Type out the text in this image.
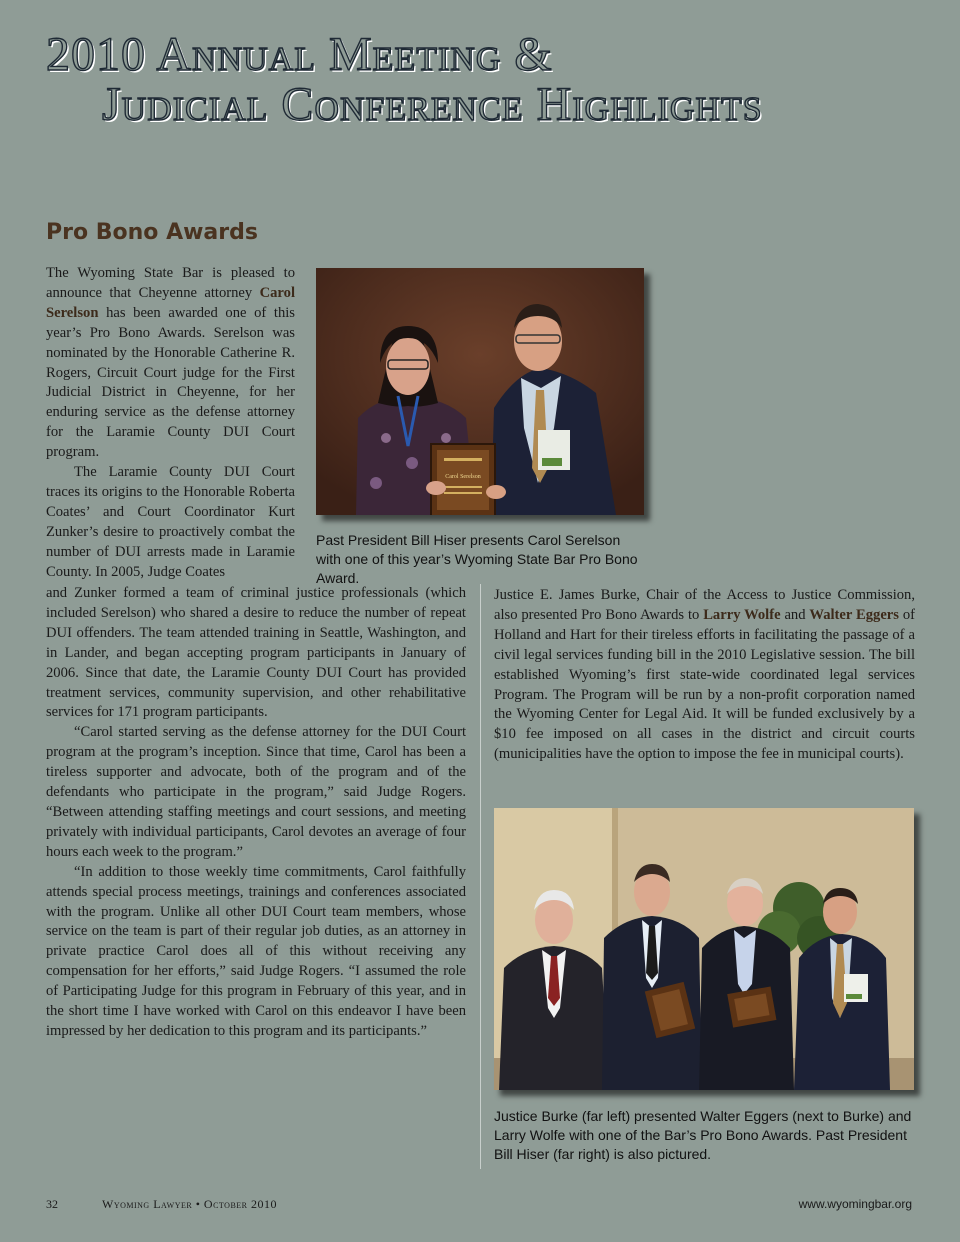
2010 Annual Meeting &
Judicial Conference Highlights
Pro Bono Awards

The Wyoming State Bar is pleased to announce that Cheyenne attorney Carol Serelson has been awarded one of this year’s Pro Bono Awards. Serelson was nominated by the Honorable Catherine R. Rogers, Circuit Court judge for the First Judicial District in Cheyenne, for her enduring service as the defense attorney for the Laramie County DUI Court program.

The Laramie County DUI Court traces its origins to the Honorable Roberta Coates’ and Court Coordinator Kurt Zunker’s desire to proactively combat the number of DUI arrests made in Laramie County. In 2005, Judge Coates

Carol Serelson
Past President Bill Hiser presents Carol Serelson with one of this year’s Wyoming State Bar Pro Bono Award.

and Zunker formed a team of criminal justice professionals (which included Serelson) who shared a desire to reduce the number of repeat DUI offenders. The team attended training in Seattle, Washington, and in Lander, and began accepting program participants in January of 2006. Since that date, the Laramie County DUI Court has provided treatment services, community supervision, and other rehabilitative services for 171 program participants.

“Carol started serving as the defense attorney for the DUI Court program at the program’s inception. Since that time, Carol has been a tireless supporter and advocate, both of the program and of the defendants who participate in the program,” said Judge Rogers. “Between attending staffing meetings and court sessions, and meeting privately with individual participants, Carol devotes an average of four hours each week to the program.”

“In addition to those weekly time commitments, Carol faithfully attends special process meetings, trainings and conferences associated with the program. Unlike all other DUI Court team members, whose service on the team is part of their regular job duties, as an attorney in private practice Carol does all of this without receiving any compensation for her efforts,” said Judge Rogers. “I assumed the role of Participating Judge for this program in February of this year, and in the short time I have worked with Carol on this endeavor I have been impressed by her dedication to this program and its participants.”

Justice E. James Burke, Chair of the Access to Justice Commission, also presented Pro Bono Awards to Larry Wolfe and Walter Eggers of Holland and Hart for their tireless efforts in facilitating the passage of a civil legal services funding bill in the 2010 Legislative session. The bill established Wyoming’s first state-wide coordinated legal services Program. The Program will be run by a non-profit corporation named the Wyoming Center for Legal Aid. It will be funded exclusively by a $10 fee imposed on all cases in the district and circuit courts (municipalities have the option to impose the fee in municipal courts).

Justice Burke (far left) presented Walter Eggers (next to Burke) and Larry Wolfe with one of the Bar’s Pro Bono Awards. Past President Bill Hiser (far right) is also pictured.
32	Wyoming Lawyer • October 2010	www.wyomingbar.org
